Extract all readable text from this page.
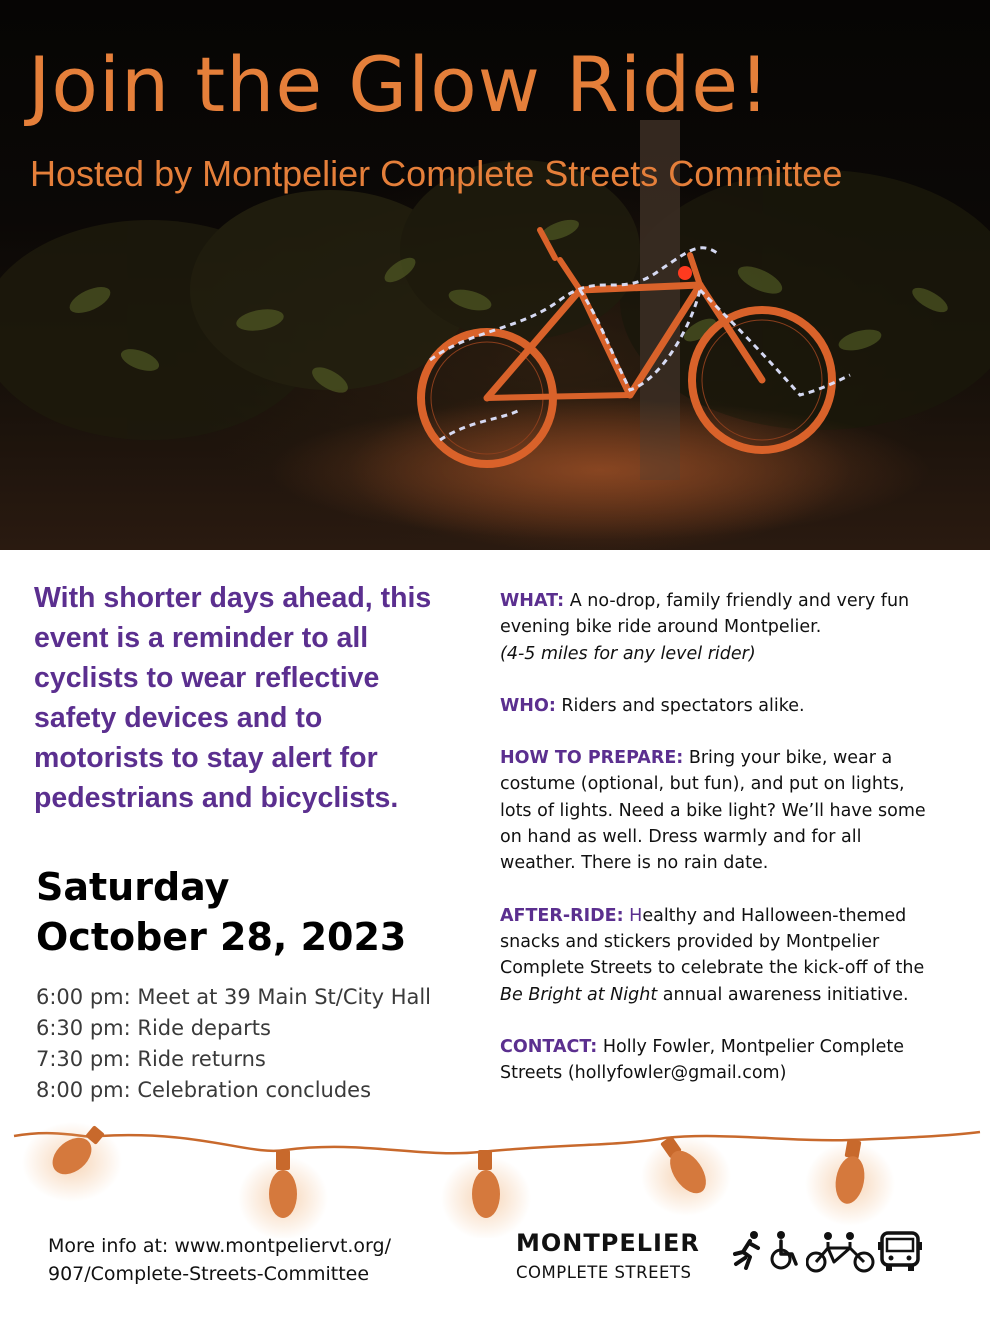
Join the Glow Ride!
Hosted by Montpelier Complete Streets Committee
With shorter days ahead, this event is a reminder to all cyclists to wear reflective safety devices and to motorists to stay alert for pedestrians and bicyclists.
Saturday
October 28, 2023
6:00 pm: Meet at 39 Main St/City Hall
6:30 pm: Ride departs
7:30 pm: Ride returns
8:00 pm: Celebration concludes

WHAT: A no-drop, family friendly and very fun evening bike ride around Montpelier.
(4-5 miles for any level rider)

WHO: Riders and spectators alike.

HOW TO PREPARE: Bring your bike, wear a costume (optional, but fun), and put on lights, lots of lights. Need a bike light? We’ll have some on hand as well. Dress warmly and for all weather. There is no rain date.

AFTER-RIDE: Healthy and Halloween-themed snacks and stickers provided by Montpelier Complete Streets to celebrate the kick-off of the Be Bright at Night annual awareness initiative.

CONTACT: Holly Fowler, Montpelier Complete Streets (hollyfowler@gmail.com)

More info at: www.montpeliervt.org/ 907/Complete-Streets-Committee
MONTPELIER
COMPLETE STREETS
